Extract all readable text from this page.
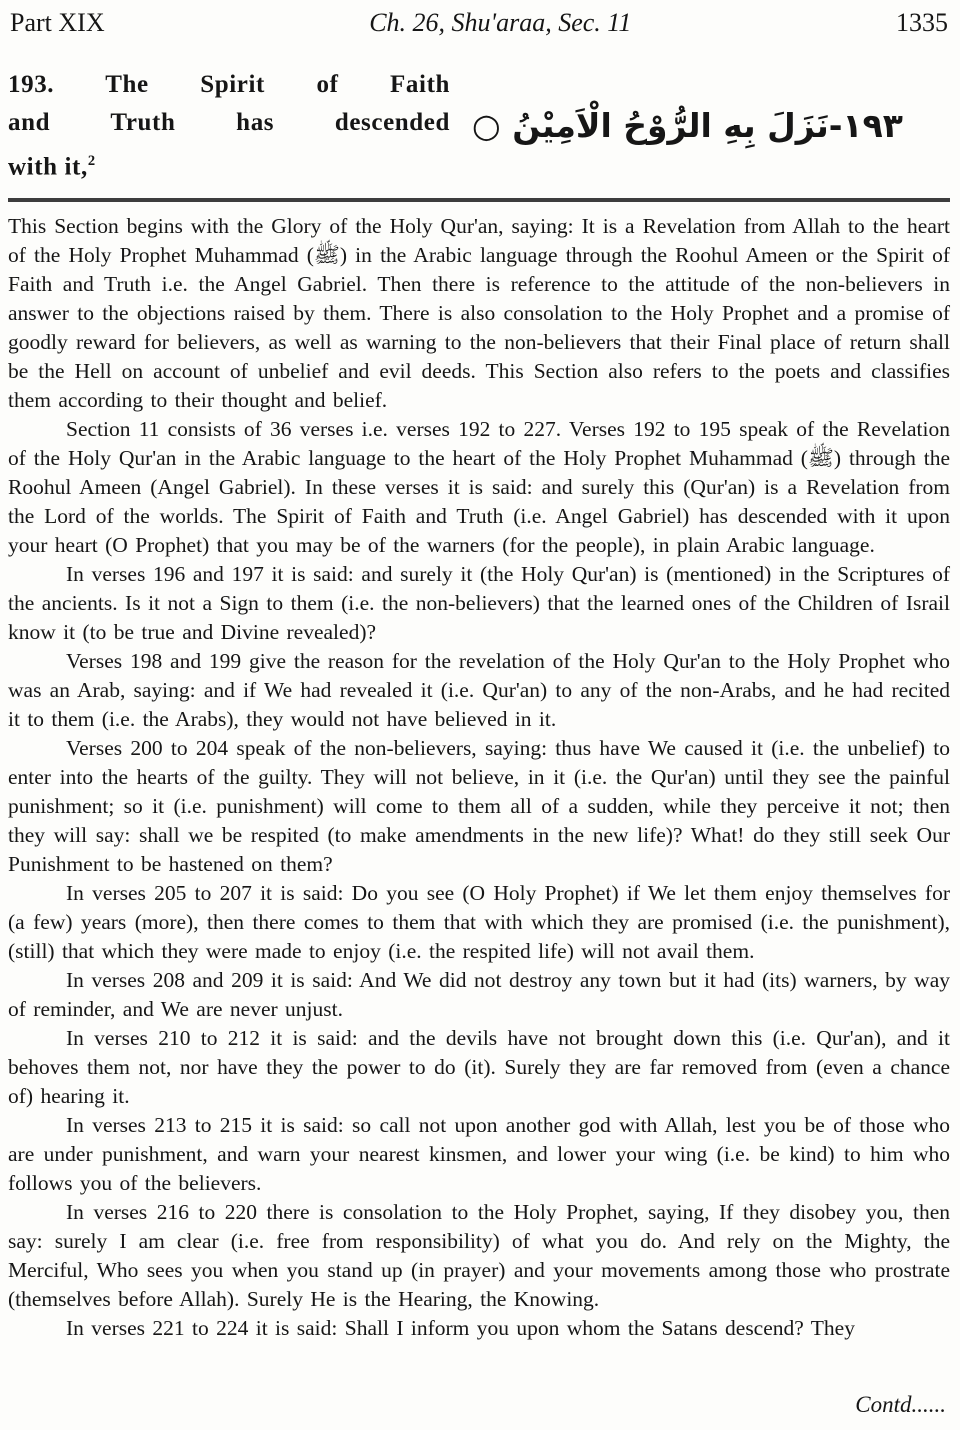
Part XIX	Ch. 26, Shu'araa, Sec. 11	1335
193. The Spirit of Faith
and Truth has descended
with it,$^2$
١٩٣-نَزَلَ بِهِ الرُّوْحُ الْاَمِيْنُ ○

This Section begins with the Glory of the Holy Qur'an, saying: It is a Revelation from Allah to the heart of the Holy Prophet Muhammad (ﷺ) in the Arabic language through the Roohul Ameen or the Spirit of Faith and Truth i.e. the Angel Gabriel. Then there is reference to the attitude of the non-believers in answer to the objections raised by them. There is also consolation to the Holy Prophet and a promise of goodly reward for believers, as well as warning to the non-believers that their Final place of return shall be the Hell on account of unbelief and evil deeds. This Section also refers to the poets and classifies them according to their thought and belief.

Section 11 consists of 36 verses i.e. verses 192 to 227. Verses 192 to 195 speak of the Revelation of the Holy Qur'an in the Arabic language to the heart of the Holy Prophet Muhammad (ﷺ) through the Roohul Ameen (Angel Gabriel). In these verses it is said: and surely this (Qur'an) is a Revelation from the Lord of the worlds. The Spirit of Faith and Truth (i.e. Angel Gabriel) has descended with it upon your heart (O Prophet) that you may be of the warners (for the people), in plain Arabic language.

In verses 196 and 197 it is said: and surely it (the Holy Qur'an) is (mentioned) in the Scriptures of the ancients. Is it not a Sign to them (i.e. the non-believers) that the learned ones of the Children of Israil know it (to be true and Divine revealed)?

Verses 198 and 199 give the reason for the revelation of the Holy Qur'an to the Holy Prophet who was an Arab, saying: and if We had revealed it (i.e. Qur'an) to any of the non-Arabs, and he had recited it to them (i.e. the Arabs), they would not have believed in it.

Verses 200 to 204 speak of the non-believers, saying: thus have We caused it (i.e. the unbelief) to enter into the hearts of the guilty. They will not believe, in it (i.e. the Qur'an) until they see the painful punishment; so it (i.e. punishment) will come to them all of a sudden, while they perceive it not; then they will say: shall we be respited (to make amendments in the new life)? What! do they still seek Our Punishment to be hastened on them?

In verses 205 to 207 it is said: Do you see (O Holy Prophet) if We let them enjoy themselves for (a few) years (more), then there comes to them that with which they are promised (i.e. the punishment), (still) that which they were made to enjoy (i.e. the respited life) will not avail them.

In verses 208 and 209 it is said: And We did not destroy any town but it had (its) warners, by way of reminder, and We are never unjust.

In verses 210 to 212 it is said: and the devils have not brought down this (i.e. Qur'an), and it behoves them not, nor have they the power to do (it). Surely they are far removed from (even a chance of) hearing it.

In verses 213 to 215 it is said: so call not upon another god with Allah, lest you be of those who are under punishment, and warn your nearest kinsmen, and lower your wing (i.e. be kind) to him who follows you of the believers.

In verses 216 to 220 there is consolation to the Holy Prophet, saying, If they disobey you, then say: surely I am clear (i.e. free from responsibility) of what you do. And rely on the Mighty, the Merciful, Who sees you when you stand up (in prayer) and your movements among those who prostrate (themselves before Allah). Surely He is the Hearing, the Knowing.

In verses 221 to 224 it is said: Shall I inform you upon whom the Satans descend? They

Contd......
